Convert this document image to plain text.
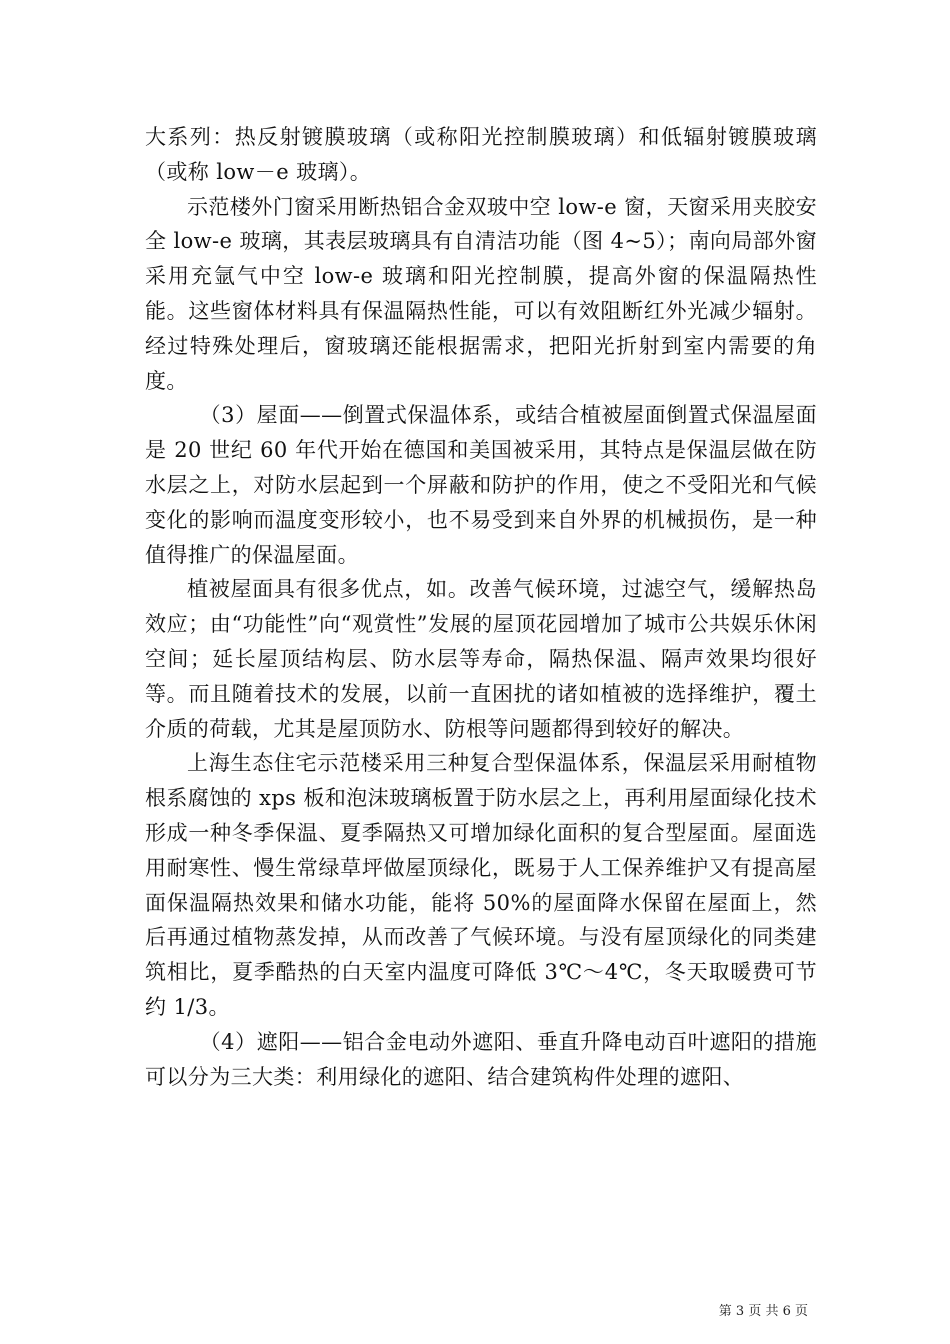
大系列：热反射镀膜玻璃（或称阳光控制膜玻璃）和低辐射镀膜玻璃（或称 low－e 玻璃）。

示范楼外门窗采用断热铝合金双玻中空 low-e 窗，天窗采用夹胶安全 low-e 玻璃，其表层玻璃具有自清洁功能（图 4~5）；南向局部外窗采用充氩气中空 low-e 玻璃和阳光控制膜，提高外窗的保温隔热性能。这些窗体材料具有保温隔热性能，可以有效阻断红外光减少辐射。经过特殊处理后，窗玻璃还能根据需求，把阳光折射到室内需要的角度。

（3）屋面——倒置式保温体系，或结合植被屋面倒置式保温屋面是 20 世纪 60 年代开始在德国和美国被采用，其特点是保温层做在防水层之上，对防水层起到一个屏蔽和防护的作用，使之不受阳光和气候变化的影响而温度变形较小，也不易受到来自外界的机械损伤，是一种值得推广的保温屋面。

植被屋面具有很多优点，如。改善气候环境，过滤空气，缓解热岛效应；由“功能性”向“观赏性”发展的屋顶花园增加了城市公共娱乐休闲空间；延长屋顶结构层、防水层等寿命，隔热保温、隔声效果均很好等。而且随着技术的发展，以前一直困扰的诸如植被的选择维护，覆土介质的荷载，尤其是屋顶防水、防根等问题都得到较好的解决。

上海生态住宅示范楼采用三种复合型保温体系，保温层采用耐植物根系腐蚀的 xps 板和泡沫玻璃板置于防水层之上，再利用屋面绿化技术形成一种冬季保温、夏季隔热又可增加绿化面积的复合型屋面。屋面选用耐寒性、慢生常绿草坪做屋顶绿化，既易于人工保养维护又有提高屋面保温隔热效果和储水功能，能将 50%的屋面降水保留在屋面上，然后再通过植物蒸发掉，从而改善了气候环境。与没有屋顶绿化的同类建筑相比，夏季酷热的白天室内温度可降低 3℃～4℃，冬天取暖费可节约 1/3。

（4）遮阳——铝合金电动外遮阳、垂直升降电动百叶遮阳的措施可以分为三大类：利用绿化的遮阳、结合建筑构件处理的遮阳、

第 3 页 共 6 页
